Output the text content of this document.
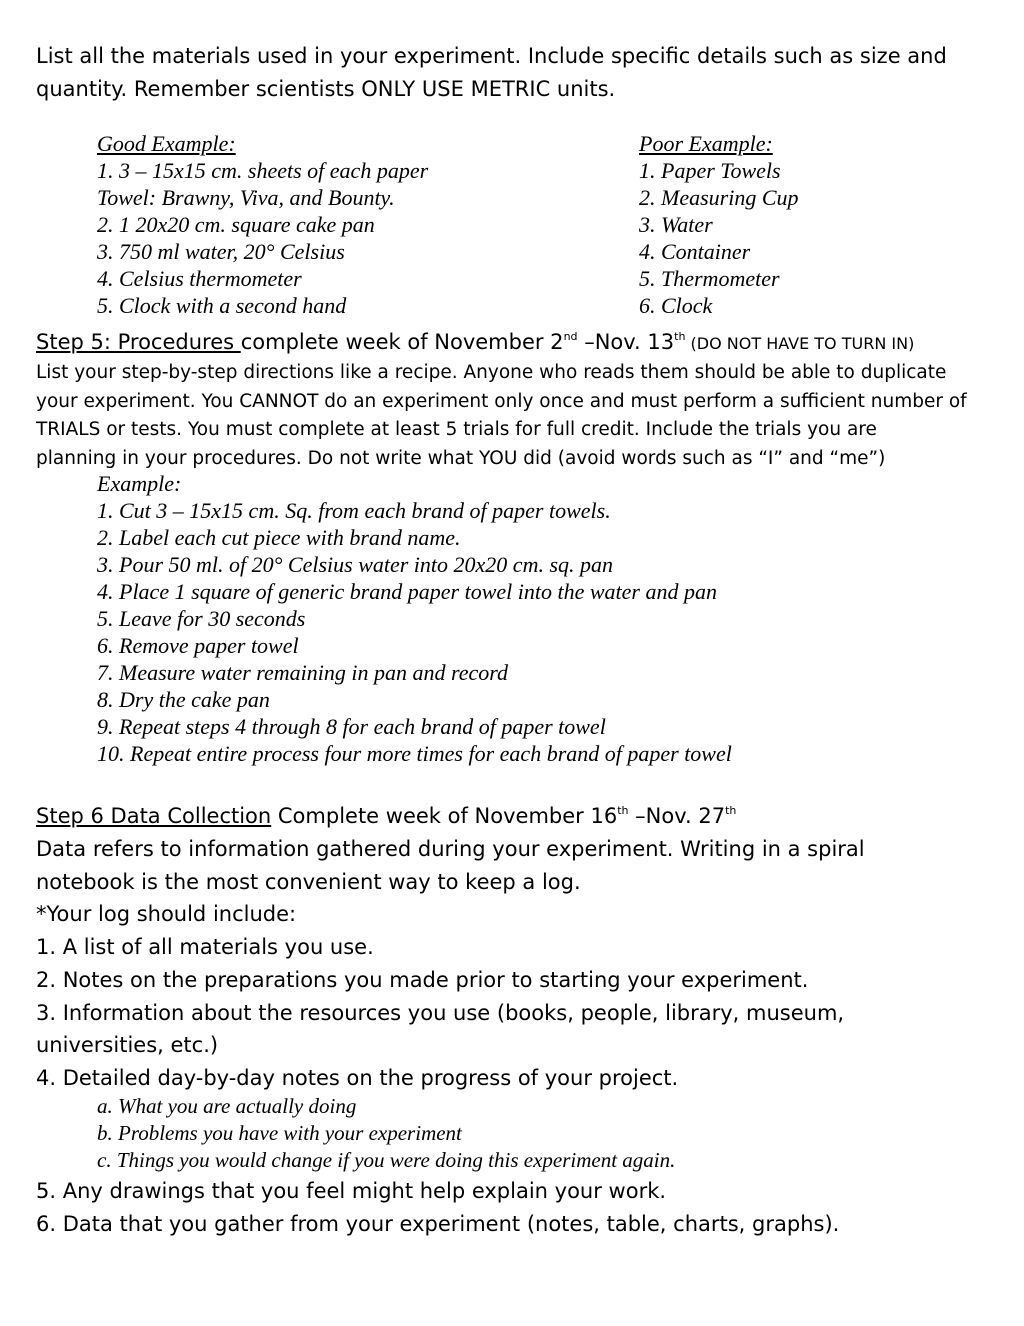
List all the materials used in your experiment. Include specific details such as size and
quantity. Remember scientists ONLY USE METRIC units.
Good Example:
1. 3 – 15x15 cm. sheets of each paper
Towel: Brawny, Viva, and Bounty.
2. 1 20x20 cm. square cake pan
3. 750 ml water, 20° Celsius
4. Celsius thermometer
5. Clock with a second hand
Poor Example:
1. Paper Towels
2. Measuring Cup
3. Water
4. Container
5. Thermometer
6. Clock
Step 5: Procedures complete week of November 2nd –Nov. 13th (DO NOT HAVE TO TURN IN)
List your step-by-step directions like a recipe. Anyone who reads them should be able to duplicate
your experiment. You CANNOT do an experiment only once and must perform a sufficient number of
TRIALS or tests. You must complete at least 5 trials for full credit. Include the trials you are
planning in your procedures. Do not write what YOU did (avoid words such as “I” and “me”)
Example:
1. Cut 3 – 15x15 cm. Sq. from each brand of paper towels.
2. Label each cut piece with brand name.
3. Pour 50 ml. of 20° Celsius water into 20x20 cm. sq. pan
4. Place 1 square of generic brand paper towel into the water and pan
5. Leave for 30 seconds
6. Remove paper towel
7. Measure water remaining in pan and record
8. Dry the cake pan
9. Repeat steps 4 through 8 for each brand of paper towel
10. Repeat entire process four more times for each brand of paper towel
Step 6 Data Collection Complete week of November 16th –Nov. 27th
Data refers to information gathered during your experiment. Writing in a spiral
notebook is the most convenient way to keep a log.
*Your log should include:
1. A list of all materials you use.
2. Notes on the preparations you made prior to starting your experiment.
3. Information about the resources you use (books, people, library, museum,
universities, etc.)
4. Detailed day-by-day notes on the progress of your project.
a. What you are actually doing
b. Problems you have with your experiment
c. Things you would change if you were doing this experiment again.
5. Any drawings that you feel might help explain your work.
6. Data that you gather from your experiment (notes, table, charts, graphs).
